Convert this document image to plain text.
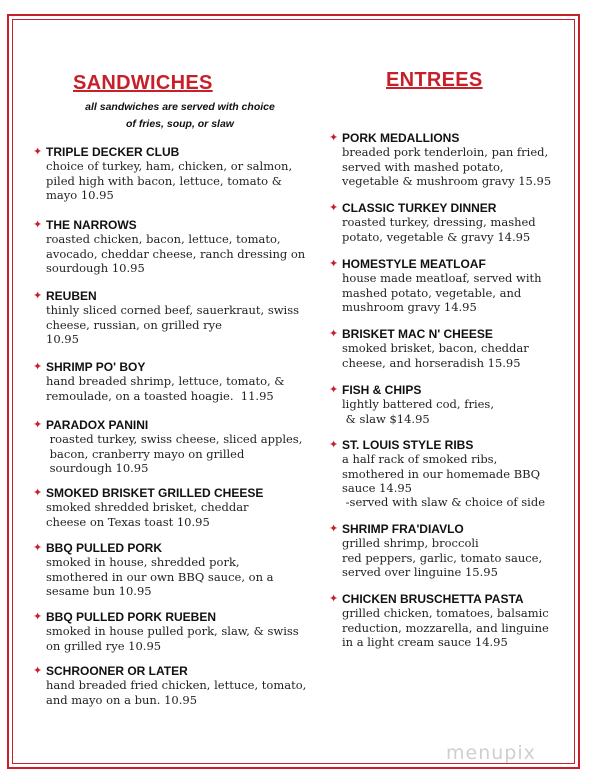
SANDWICHES
all sandwiches are served with choice
of fries, soup, or slaw
ENTREES
✦ TRIPLE DECKER CLUB
choice of turkey, ham, chicken, or salmon,
piled high with bacon, lettuce, tomato &
mayo 10.95
✦ THE NARROWS
roasted chicken, bacon, lettuce, tomato,
avocado, cheddar cheese, ranch dressing on
sourdough 10.95
✦ REUBEN
thinly sliced corned beef, sauerkraut, swiss
cheese, russian, on grilled rye
10.95
✦ SHRIMP PO' BOY
hand breaded shrimp, lettuce, tomato, &
remoulade, on a toasted hoagie.  11.95
✦ PARADOX PANINI
roasted turkey, swiss cheese, sliced apples,
bacon, cranberry mayo on grilled
sourdough 10.95
✦ SMOKED BRISKET GRILLED CHEESE
smoked shredded brisket, cheddar
cheese on Texas toast 10.95
✦ BBQ PULLED PORK
smoked in house, shredded pork,
smothered in our own BBQ sauce, on a
sesame bun 10.95
✦ BBQ PULLED PORK RUEBEN
smoked in house pulled pork, slaw, & swiss
on grilled rye 10.95
✦ SCHROONER OR LATER
hand breaded fried chicken, lettuce, tomato,
and mayo on a bun. 10.95
✦ PORK MEDALLIONS
breaded pork tenderloin, pan fried,
served with mashed potato,
vegetable & mushroom gravy 15.95
✦ CLASSIC TURKEY DINNER
roasted turkey, dressing, mashed
potato, vegetable & gravy 14.95
✦ HOMESTYLE MEATLOAF
house made meatloaf, served with
mashed potato, vegetable, and
mushroom gravy 14.95
✦ BRISKET MAC N' CHEESE
smoked brisket, bacon, cheddar
cheese, and horseradish 15.95
✦ FISH & CHIPS
lightly battered cod, fries,
& slaw $14.95
✦ ST. LOUIS STYLE RIBS
a half rack of smoked ribs,
smothered in our homemade BBQ
sauce 14.95
-served with slaw & choice of side
✦ SHRIMP FRA'DIAVLO
grilled shrimp, broccoli
red peppers, garlic, tomato sauce,
served over linguine 15.95
✦ CHICKEN BRUSCHETTA PASTA
grilled chicken, tomatoes, balsamic
reduction, mozzarella, and linguine
in a light cream sauce 14.95
menupix
